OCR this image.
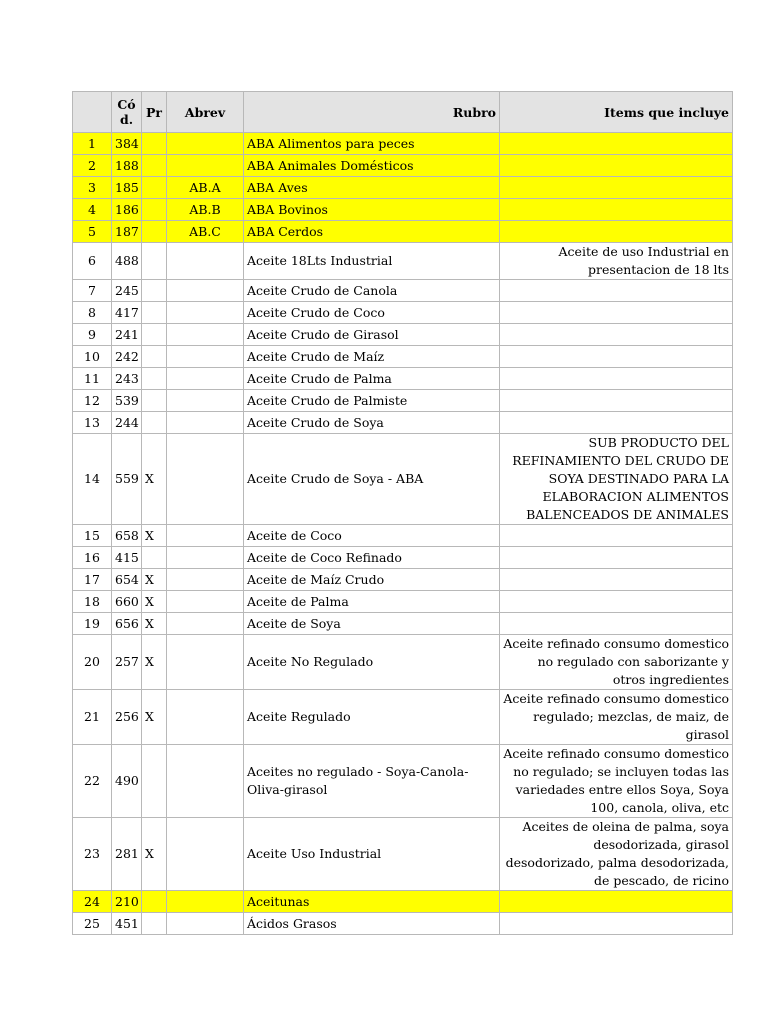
	Có d.	Pr	Abrev	Rubro	Items que incluye
1	384			ABA Alimentos para peces	
2	188			ABA Animales Domésticos	
3	185		AB.A	ABA Aves	
4	186		AB.B	ABA Bovinos	
5	187		AB.C	ABA Cerdos	
6	488			Aceite 18Lts Industrial	Aceite de uso Industrial en presentacion de 18 lts
7	245			Aceite Crudo de Canola	
8	417			Aceite Crudo de Coco	
9	241			Aceite Crudo de Girasol	
10	242			Aceite Crudo de Maíz	
11	243			Aceite Crudo de Palma	
12	539			Aceite Crudo de Palmiste	
13	244			Aceite Crudo de Soya	
14	559	X		Aceite Crudo de Soya - ABA	SUB PRODUCTO DEL REFINAMIENTO DEL CRUDO DE SOYA DESTINADO PARA LA ELABORACION ALIMENTOS BALENCEADOS DE ANIMALES
15	658	X		Aceite de Coco	
16	415			Aceite de Coco Refinado	
17	654	X		Aceite de Maíz Crudo	
18	660	X		Aceite de Palma	
19	656	X		Aceite de Soya	
20	257	X		Aceite No Regulado	Aceite refinado consumo domestico no regulado con saborizante y otros ingredientes
21	256	X		Aceite Regulado	Aceite refinado consumo domestico regulado; mezclas, de maiz, de girasol
22	490			Aceites no regulado - Soya-Canola-Oliva-girasol	Aceite refinado consumo domestico no regulado; se incluyen todas las variedades entre ellos Soya, Soya 100, canola, oliva, etc
23	281	X		Aceite Uso Industrial	Aceites de oleina de palma, soya desodorizada, girasol desodorizado, palma desodorizada, de pescado, de ricino
24	210			Aceitunas	
25	451			Ácidos Grasos	
